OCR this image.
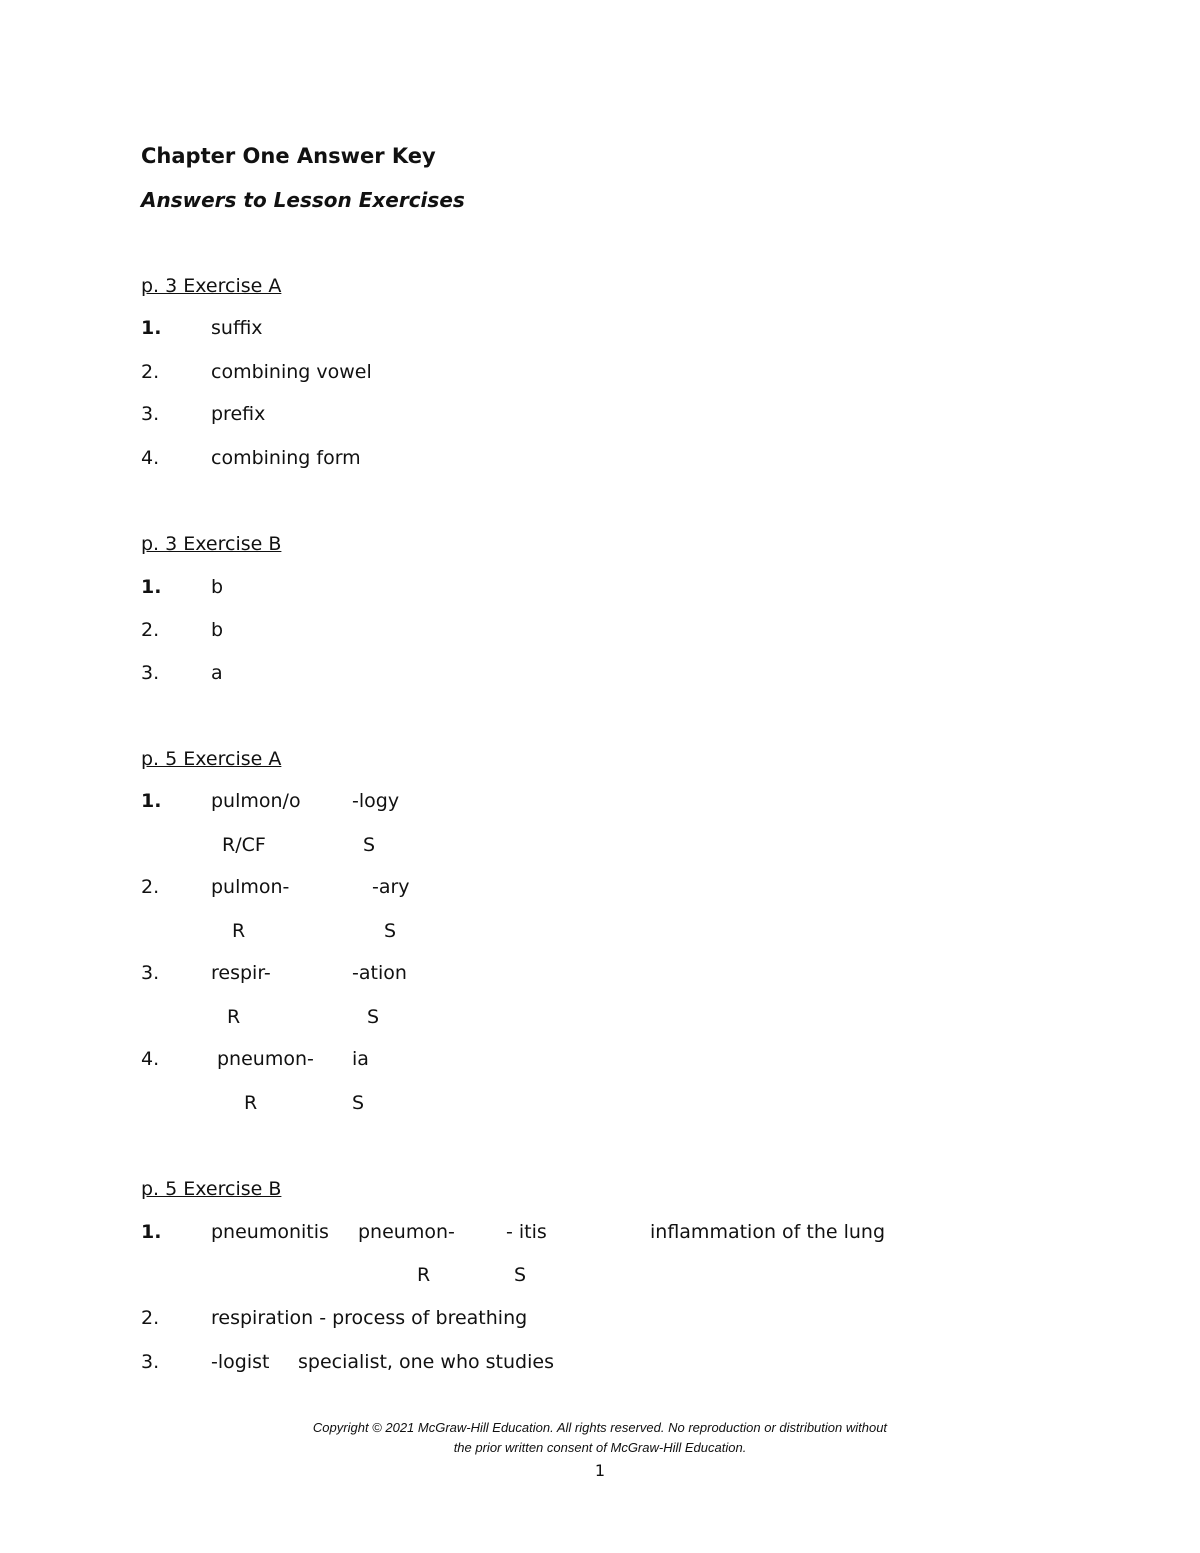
Chapter One Answer Key
Answers to Lesson Exercises
p. 3 Exercise A
1.	suffix
2.	combining vowel
3.	prefix
4.	combining form
p. 3 Exercise B
1.	b
2.	b
3.	a
p. 5 Exercise A
1.	pulmon/o	-logy
R/CF	S
2.	pulmon-	-ary
R	S
3.	respir-	-ation
R	S
4.	pneumon- ia
R	S
p. 5 Exercise B
1.	pneumonitis pneumon-	- itis	inflammation of the lung
R	S
2.	respiration - process of breathing
3.	-logist specialist, one who studies
Copyright © 2021 McGraw-Hill Education. All rights reserved. No reproduction or distribution without
the prior written consent of McGraw-Hill Education.
1
